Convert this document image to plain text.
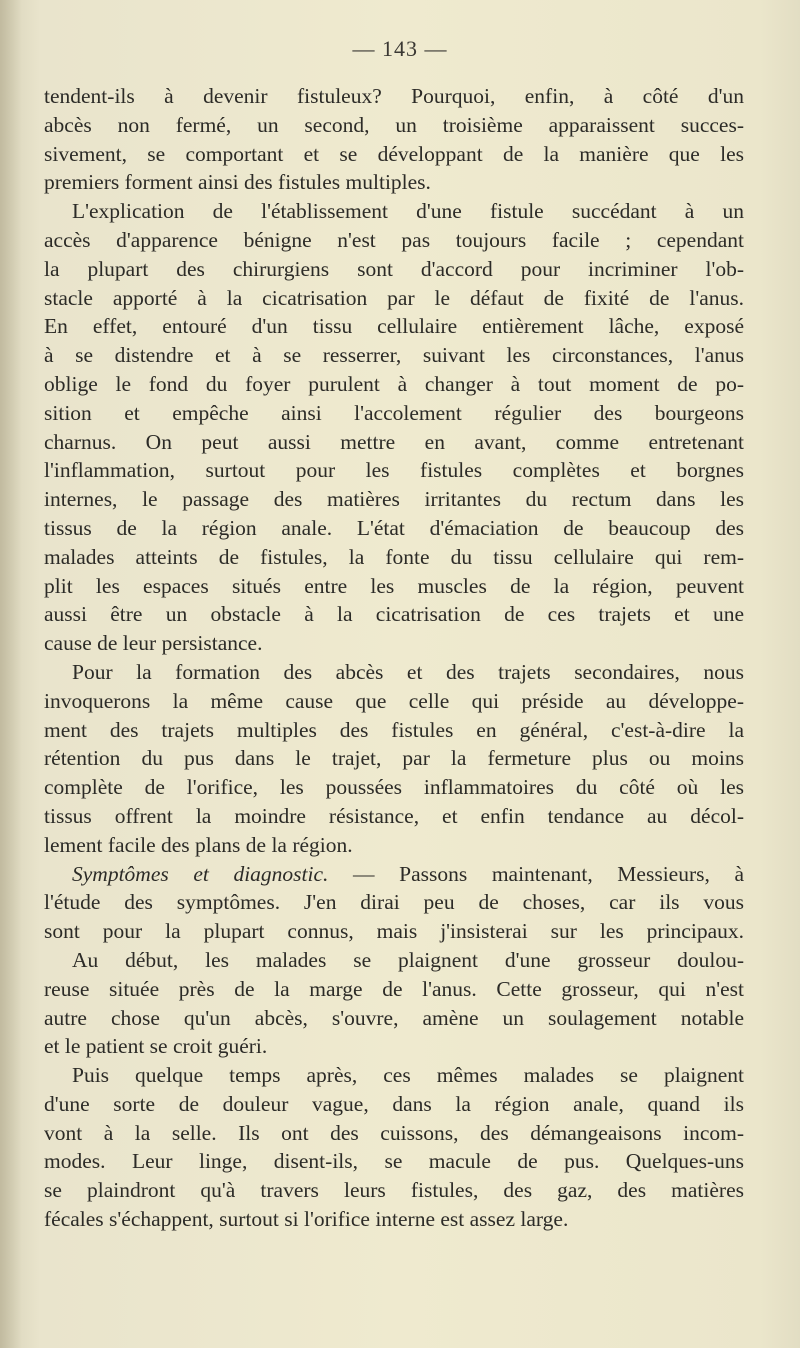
— 143 —
tendent-ils à devenir fistuleux? Pourquoi, enfin, à côté d'un
abcès non fermé, un second, un troisième apparaissent succes-
sivement, se comportant et se développant de la manière que les
premiers forment ainsi des fistules multiples.
L'explication de l'établissement d'une fistule succédant à un
accès d'apparence bénigne n'est pas toujours facile ; cependant
la plupart des chirurgiens sont d'accord pour incriminer l'ob-
stacle apporté à la cicatrisation par le défaut de fixité de l'anus.
En effet, entouré d'un tissu cellulaire entièrement lâche, exposé
à se distendre et à se resserrer, suivant les circonstances, l'anus
oblige le fond du foyer purulent à changer à tout moment de po-
sition et empêche ainsi l'accolement régulier des bourgeons
charnus. On peut aussi mettre en avant, comme entretenant
l'inflammation, surtout pour les fistules complètes et borgnes
internes, le passage des matières irritantes du rectum dans les
tissus de la région anale. L'état d'émaciation de beaucoup des
malades atteints de fistules, la fonte du tissu cellulaire qui rem-
plit les espaces situés entre les muscles de la région, peuvent
aussi être un obstacle à la cicatrisation de ces trajets et une
cause de leur persistance.
Pour la formation des abcès et des trajets secondaires, nous
invoquerons la même cause que celle qui préside au développe-
ment des trajets multiples des fistules en général, c'est-à-dire la
rétention du pus dans le trajet, par la fermeture plus ou moins
complète de l'orifice, les poussées inflammatoires du côté où les
tissus offrent la moindre résistance, et enfin tendance au décol-
lement facile des plans de la région.
Symptômes et diagnostic. — Passons maintenant, Messieurs, à
l'étude des symptômes. J'en dirai peu de choses, car ils vous
sont pour la plupart connus, mais j'insisterai sur les principaux.
Au début, les malades se plaignent d'une grosseur doulou-
reuse située près de la marge de l'anus. Cette grosseur, qui n'est
autre chose qu'un abcès, s'ouvre, amène un soulagement notable
et le patient se croit guéri.
Puis quelque temps après, ces mêmes malades se plaignent
d'une sorte de douleur vague, dans la région anale, quand ils
vont à la selle. Ils ont des cuissons, des démangeaisons incom-
modes. Leur linge, disent-ils, se macule de pus. Quelques-uns
se plaindront qu'à travers leurs fistules, des gaz, des matières
fécales s'échappent, surtout si l'orifice interne est assez large.
